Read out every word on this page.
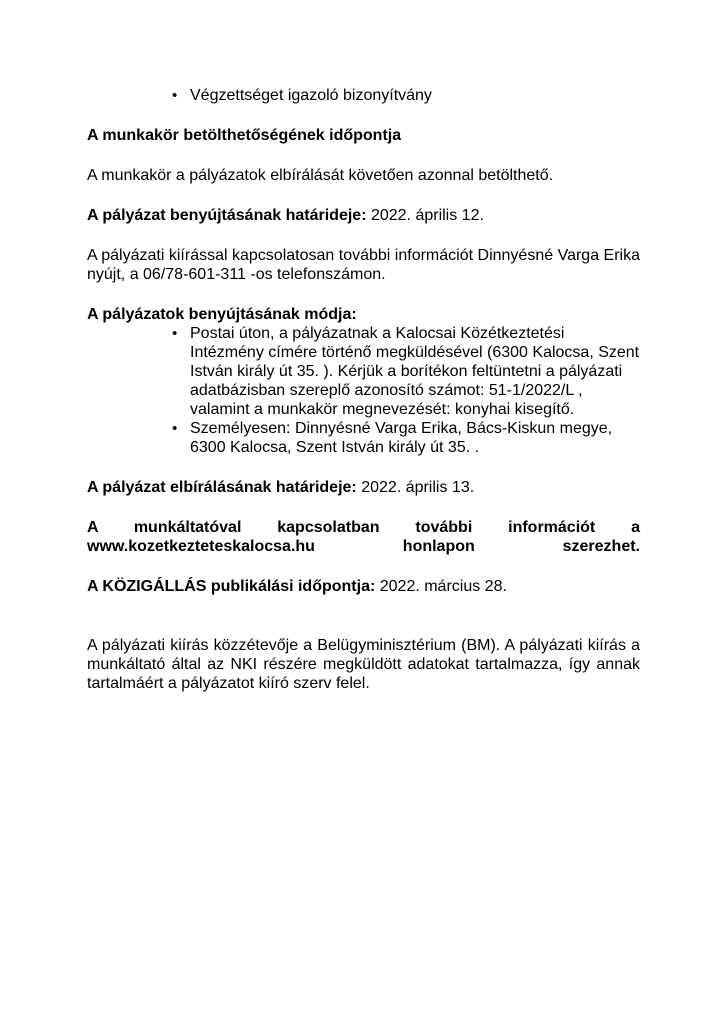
• Végzettséget igazoló bizonyítvány

A munkakör betölthetőségének időpontja

A munkakör a pályázatok elbírálását követően azonnal betölthető.

A pályázat benyújtásának határideje: 2022. április 12.

A pályázati kiírással kapcsolatosan további információt Dinnyésné Varga Erika nyújt, a 06/78-601-311 -os telefonszámon.

A pályázatok benyújtásának módja:

• Postai úton, a pályázatnak a Kalocsai Közétkeztetési Intézmény címére történő megküldésével (6300 Kalocsa, Szent István király út 35. ). Kérjük a borítékon feltüntetni a pályázati adatbázisban szereplő azonosító számot: 51-1/2022/L , valamint a munkakör megnevezését: konyhai kisegítő.
• Személyesen: Dinnyésné Varga Erika, Bács-Kiskun megye, 6300 Kalocsa, Szent István király út 35. .

A pályázat elbírálásának határideje: 2022. április 13.

A munkáltatóval kapcsolatban további információt a www.kozetkezteteskalocsa.hu honlapon szerezhet.

A KÖZIGÁLLÁS publikálási időpontja: 2022. március 28.

A pályázati kiírás közzétevője a Belügyminisztérium (BM). A pályázati kiírás a munkáltató által az NKI részére megküldött adatokat tartalmazza, így annak tartalmáért a pályázatot kiíró szerv felel.
